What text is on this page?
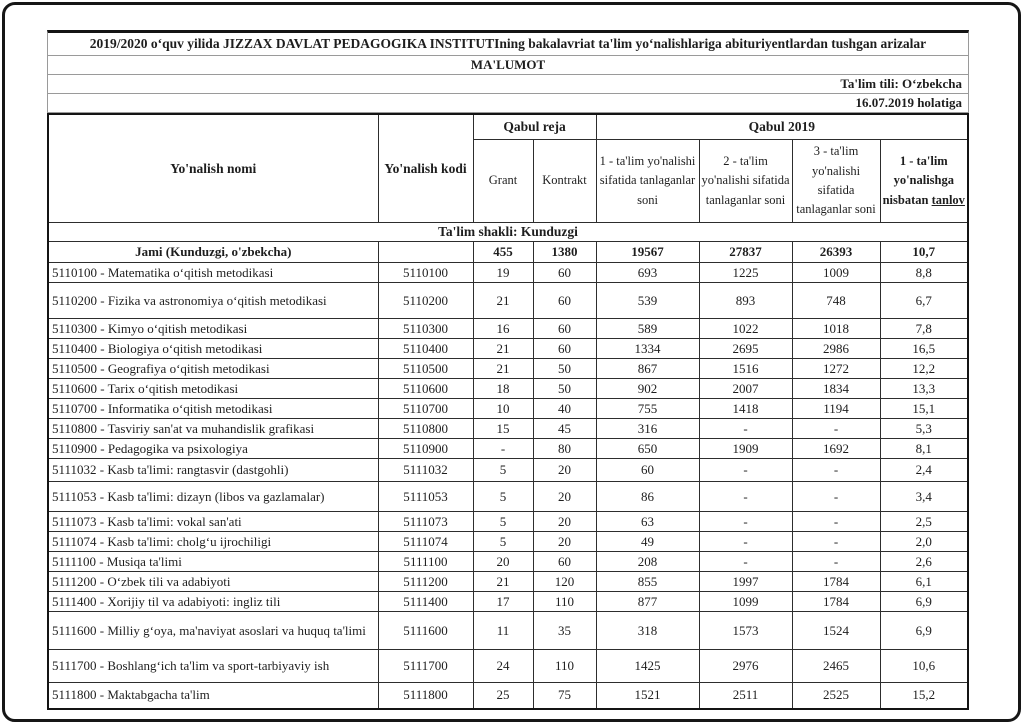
2019/2020 o‘quv yilida JIZZAX DAVLAT PEDAGOGIKA INSTITUTIning bakalavriat ta'lim yo‘nalishlariga abituriyentlardan tushgan arizalar
MA'LUMOT
Ta'lim tili: O‘zbekcha
16.07.2019 holatiga
Yo'nalish nomi	Yo'nalish kodi	Qabul reja		Qabul 2019			
		Grant	Kontrakt	1 - ta'lim yo'nalishi sifatida tanlaganlar soni	2 - ta'lim yo'nalishi sifatida tanlaganlar soni	3 - ta'lim yo'nalishi sifatida tanlaganlar soni	1 - ta'lim yo'nalishga nisbatan tanlov
Ta'lim shakli: Kunduzgi							
Jami (Kunduzgi, o'zbekcha)		455	1380	19567	27837	26393	10,7
5110100 - Matematika o‘qitish metodikasi	5110100	19	60	693	1225	1009	8,8
5110200 - Fizika va astronomiya o‘qitish metodikasi	5110200	21	60	539	893	748	6,7
5110300 - Kimyo o‘qitish metodikasi	5110300	16	60	589	1022	1018	7,8
5110400 - Biologiya o‘qitish metodikasi	5110400	21	60	1334	2695	2986	16,5
5110500 - Geografiya o‘qitish metodikasi	5110500	21	50	867	1516	1272	12,2
5110600 - Tarix o‘qitish metodikasi	5110600	18	50	902	2007	1834	13,3
5110700 - Informatika o‘qitish metodikasi	5110700	10	40	755	1418	1194	15,1
5110800 - Tasviriy san'at va muhandislik grafikasi	5110800	15	45	316	-	-	5,3
5110900 - Pedagogika va psixologiya	5110900	-	80	650	1909	1692	8,1
5111032 - Kasb ta'limi: rangtasvir (dastgohli)	5111032	5	20	60	-	-	2,4
5111053 - Kasb ta'limi: dizayn (libos va gazlamalar)	5111053	5	20	86	-	-	3,4
5111073 - Kasb ta'limi: vokal san'ati	5111073	5	20	63	-	-	2,5
5111074 - Kasb ta'limi: cholg‘u ijrochiligi	5111074	5	20	49	-	-	2,0
5111100 - Musiqa ta'limi	5111100	20	60	208	-	-	2,6
5111200 - O‘zbek tili va adabiyoti	5111200	21	120	855	1997	1784	6,1
5111400 - Xorijiy til va adabiyoti: ingliz tili	5111400	17	110	877	1099	1784	6,9
5111600 - Milliy g‘oya, ma'naviyat asoslari va huquq ta'limi	5111600	11	35	318	1573	1524	6,9
5111700 - Boshlang‘ich ta'lim va sport-tarbiyaviy ish	5111700	24	110	1425	2976	2465	10,6
5111800 - Maktabgacha ta'lim	5111800	25	75	1521	2511	2525	15,2
